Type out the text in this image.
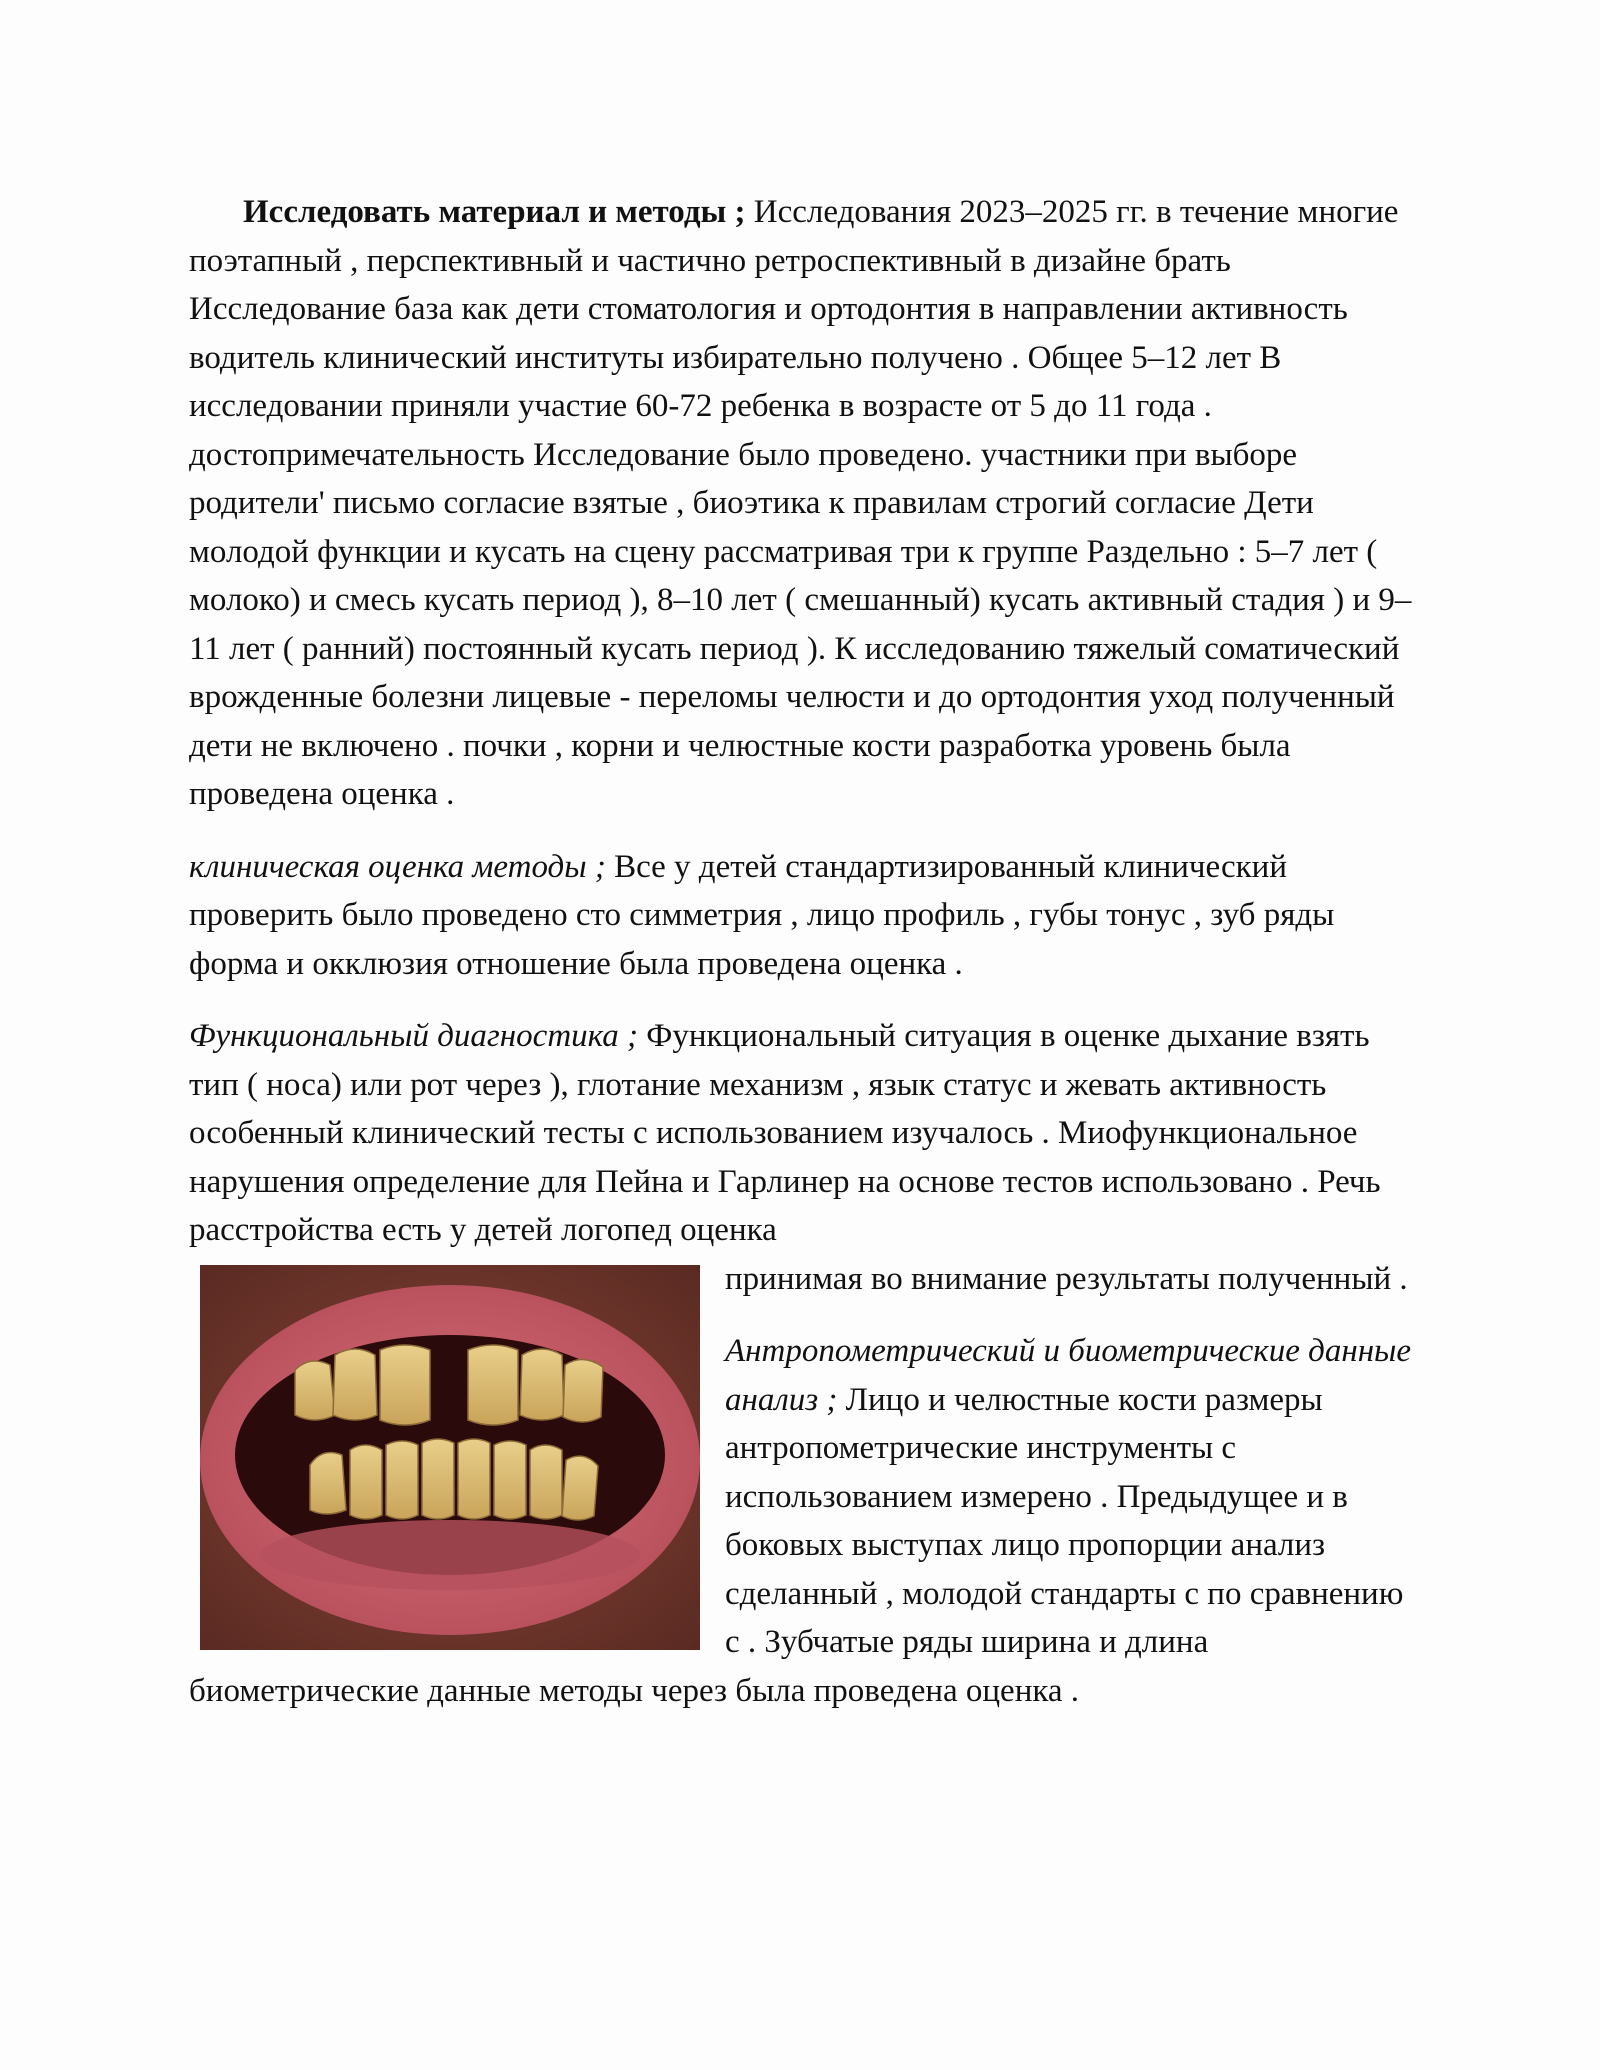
Исследовать материал и методы ; Исследования 2023–2025 гг. в течение многие поэтапный , перспективный и частично ретроспективный в дизайне брать Исследование база как дети стоматология и ортодонтия в направлении активность водитель клинический институты избирательно получено . Общее 5–12 лет В исследовании приняли участие 60-72 ребенка в возрасте от 5 до 11 года . достопримечательность Исследование было проведено. участники при выборе родители' письмо согласие взятые , биоэтика к правилам строгий согласие Дети молодой функции и кусать на сцену рассматривая три к группе Раздельно : 5–7 лет ( молоко) и смесь кусать период ), 8–10 лет ( смешанный) кусать активный стадия ) и 9–11 лет ( ранний) постоянный кусать период ). К исследованию тяжелый соматический врожденные болезни лицевые - переломы челюсти и до ортодонтия уход полученный дети не включено . почки , корни и челюстные кости разработка уровень была проведена оценка .

клиническая оценка методы ; Все у детей стандартизированный клинический проверить было проведено сто симметрия , лицо профиль , губы тонус , зуб ряды форма и окклюзия отношение была проведена оценка .

Функциональный диагностика ; Функциональный ситуация в оценке дыхание взять тип ( носа) или рот через ), глотание механизм , язык статус и жевать активность особенный клинический тесты с использованием изучалось . Миофункциональное нарушения определение для Пейна и Гарлинер на основе тестов использовано . Речь расстройства есть у детей логопед оценка

принимая во внимание результаты полученный .

Антропометрический и биометрические данные анализ ; Лицо и челюстные кости размеры антропометрические инструменты с использованием измерено . Предыдущее и в боковых выступах лицо пропорции анализ сделанный , молодой стандарты с по сравнению с . Зубчатые ряды ширина и длина биометрические данные методы через была проведена оценка .
